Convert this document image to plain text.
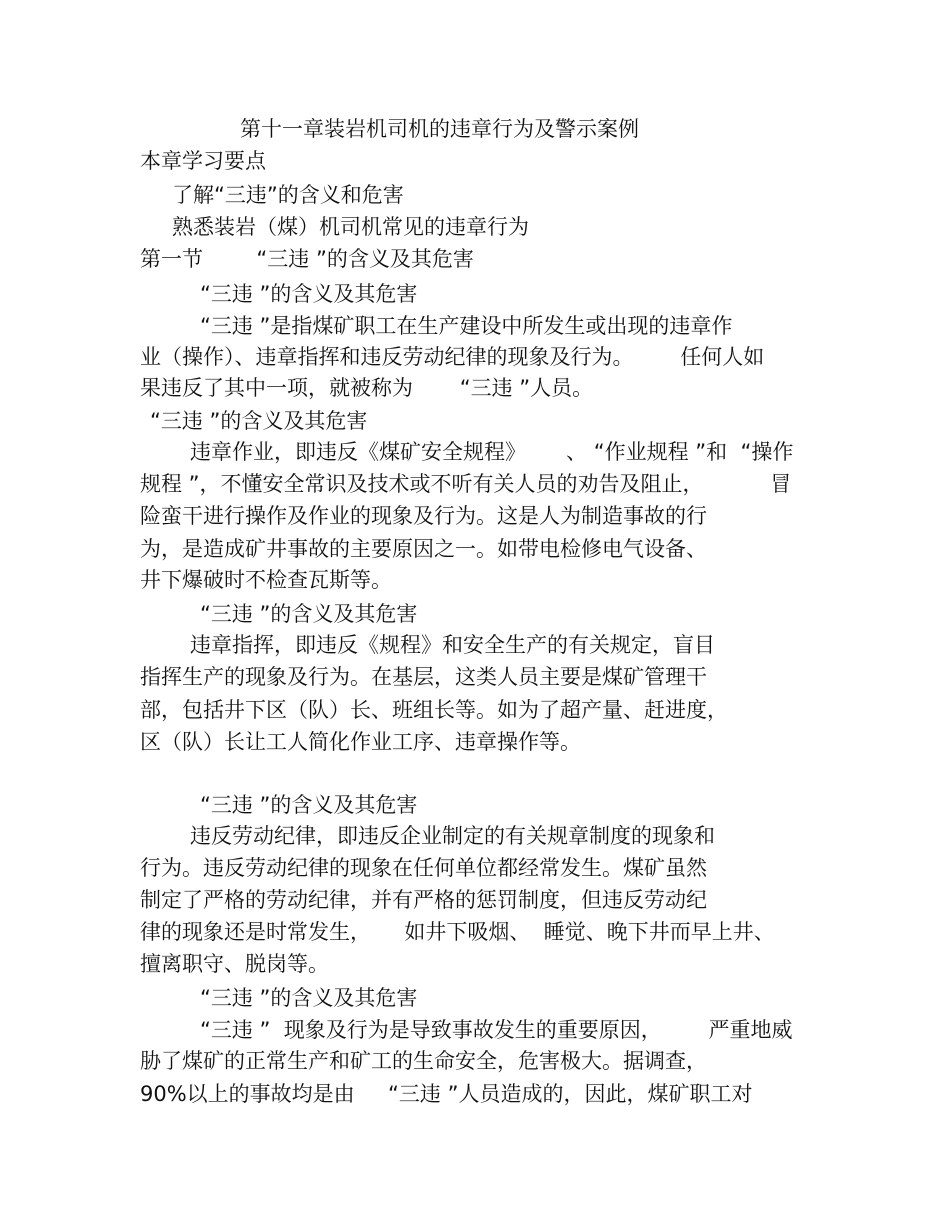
第十一章装岩机司机的违章行为及警示案例

本章学习要点

了解“三违”的含义和危害

熟悉装岩（煤）机司机常见的违章行为

第一节        “三违 ”的含义及其危害

“三违 ”的含义及其危害

“三违 ”是指煤矿职工在生产建设中所发生或出现的违章作

业（操作）、违章指挥和违反劳动纪律的现象及行为。       任何人如

果违反了其中一项，就被称为       “三违 ”人员。

“三违 ”的含义及其危害

违章作业，即违反《煤矿安全规程》      、 “作业规程 ”和  “操作

规程 ”，不懂安全常识及技术或不听有关人员的劝告及阻止，          冒

险蛮干进行操作及作业的现象及行为。这是人为制造事故的行

为，是造成矿井事故的主要原因之一。如带电检修电气设备、

井下爆破时不检查瓦斯等。

“三违 ”的含义及其危害

违章指挥，即违反《规程》和安全生产的有关规定，盲目

指挥生产的现象及行为。在基层，这类人员主要是煤矿管理干

部，包括井下区（队）长、班组长等。如为了超产量、赶进度，

区（队）长让工人简化作业工序、违章操作等。

“三违 ”的含义及其危害

违反劳动纪律，即违反企业制定的有关规章制度的现象和

行为。违反劳动纪律的现象在任何单位都经常发生。煤矿虽然

制定了严格的劳动纪律，并有严格的惩罚制度，但违反劳动纪

律的现象还是时常发生，     如井下吸烟、  睡觉、晚下井而早上井、

擅离职守、脱岗等。

“三违 ”的含义及其危害

“三违 ”  现象及行为是导致事故发生的重要原因，       严重地威

胁了煤矿的正常生产和矿工的生命安全，危害极大。据调查，

90%以上的事故均是由     “三违 ”人员造成的，因此，煤矿职工对
